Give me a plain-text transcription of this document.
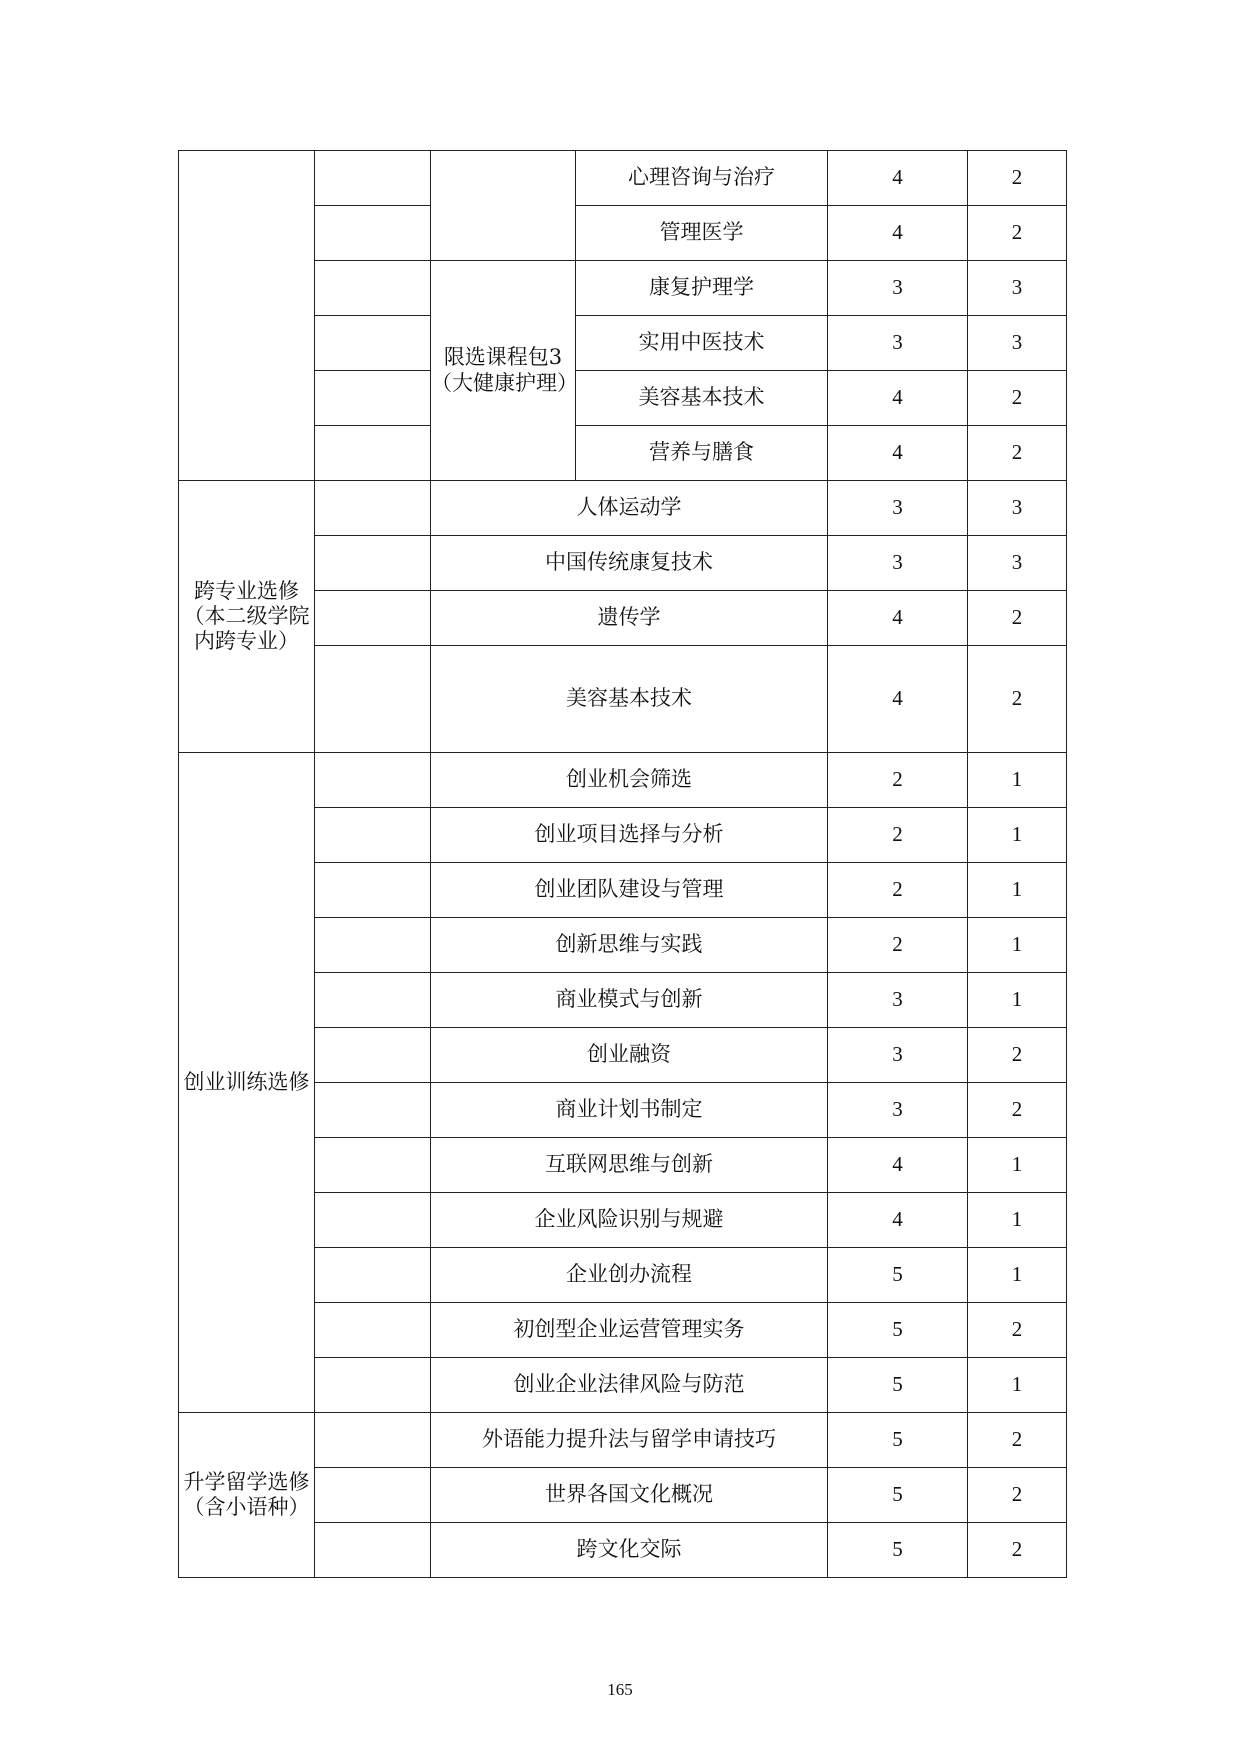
			心理咨询与治疗	4	2
			管理医学	4	2

		限选课程包3
（大健康护理）	康复护理学	3	3
			实用中医技术	3	3
			美容基本技术	4	2
			营养与膳食	4	2

跨专业选修
（本二级学院
内跨专业）		人体运动学		3	3
		中国传统康复技术		3	3
		遗传学		4	2
		美容基本技术		4	2
创业训练选修		创业机会筛选		2	1
		创业项目选择与分析		2	1
		创业团队建设与管理		2	1
		创新思维与实践		2	1
		商业模式与创新		3	1
		创业融资		3	2
		商业计划书制定		3	2
		互联网思维与创新		4	1
		企业风险识别与规避		4	1
		企业创办流程		5	1
		初创型企业运营管理实务		5	2
		创业企业法律风险与防范		5	1

升学留学选修
（含小语种）		外语能力提升法与留学申请技巧		5	2
		世界各国文化概况		5	2
		跨文化交际		5	2
165
